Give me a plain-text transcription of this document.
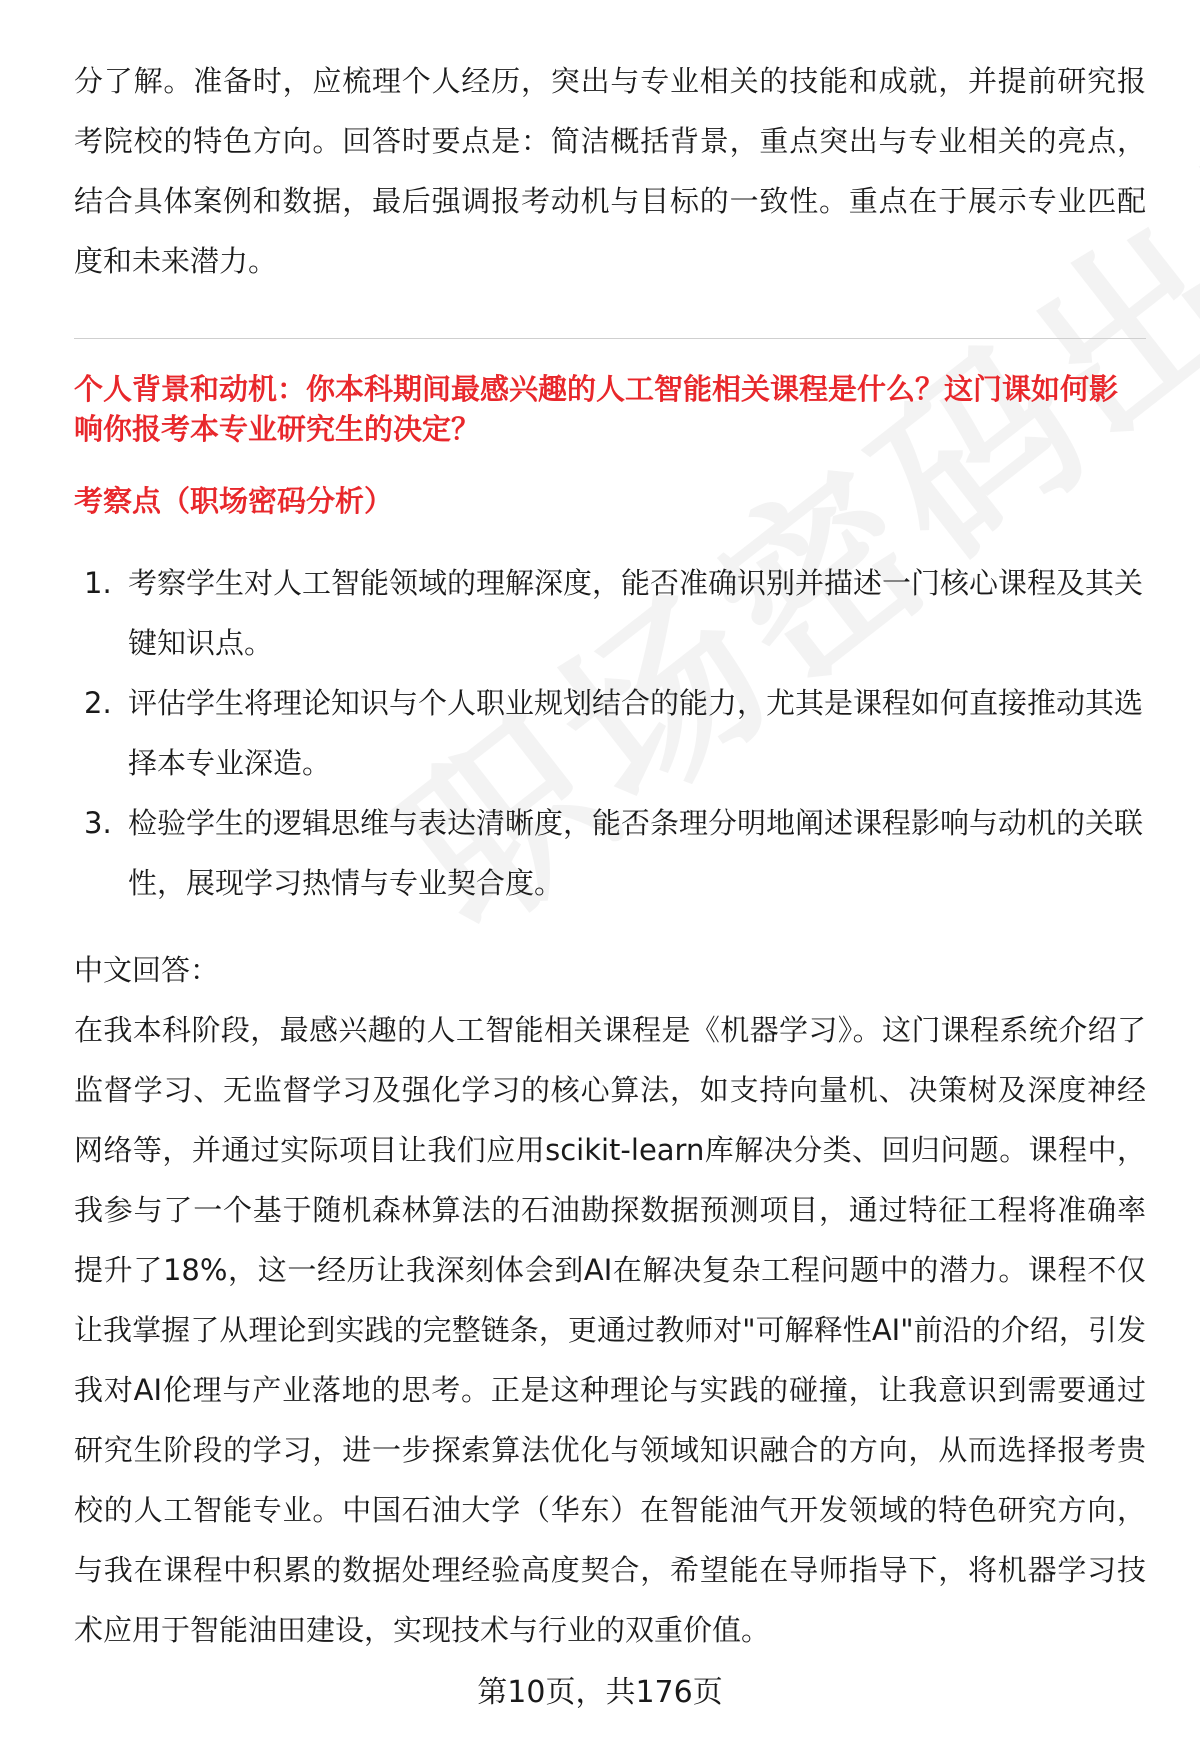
分了解。准备时，应梳理个人经历，突出与专业相关的技能和成就，并提前研究报考院校的特色方向。回答时要点是：简洁概括背景，重点突出与专业相关的亮点，结合具体案例和数据，最后强调报考动机与目标的一致性。重点在于展示专业匹配度和未来潜力。

个人背景和动机：你本科期间最感兴趣的人工智能相关课程是什么？这门课如何影响你报考本专业研究生的决定？
考察点（职场密码分析）
1. 考察学生对人工智能领域的理解深度，能否准确识别并描述一门核心课程及其关键知识点。
2. 评估学生将理论知识与个人职业规划结合的能力，尤其是课程如何直接推动其选择本专业深造。
3. 检验学生的逻辑思维与表达清晰度，能否条理分明地阐述课程影响与动机的关联性，展现学习热情与专业契合度。

中文回答：

在我本科阶段，最感兴趣的人工智能相关课程是《机器学习》。这门课程系统介绍了监督学习、无监督学习及强化学习的核心算法，如支持向量机、决策树及深度神经网络等，并通过实际项目让我们应用scikit-learn库解决分类、回归问题。课程中，我参与了一个基于随机森林算法的石油勘探数据预测项目，通过特征工程将准确率提升了18%，这一经历让我深刻体会到AI在解决复杂工程问题中的潜力。课程不仅让我掌握了从理论到实践的完整链条，更通过教师对"可解释性AI"前沿的介绍，引发我对AI伦理与产业落地的思考。正是这种理论与实践的碰撞，让我意识到需要通过研究生阶段的学习，进一步探索算法优化与领域知识融合的方向，从而选择报考贵校的人工智能专业。中国石油大学（华东）在智能油气开发领域的特色研究方向，与我在课程中积累的数据处理经验高度契合，希望能在导师指导下，将机器学习技术应用于智能油田建设，实现技术与行业的双重价值。

第10页，共176页
